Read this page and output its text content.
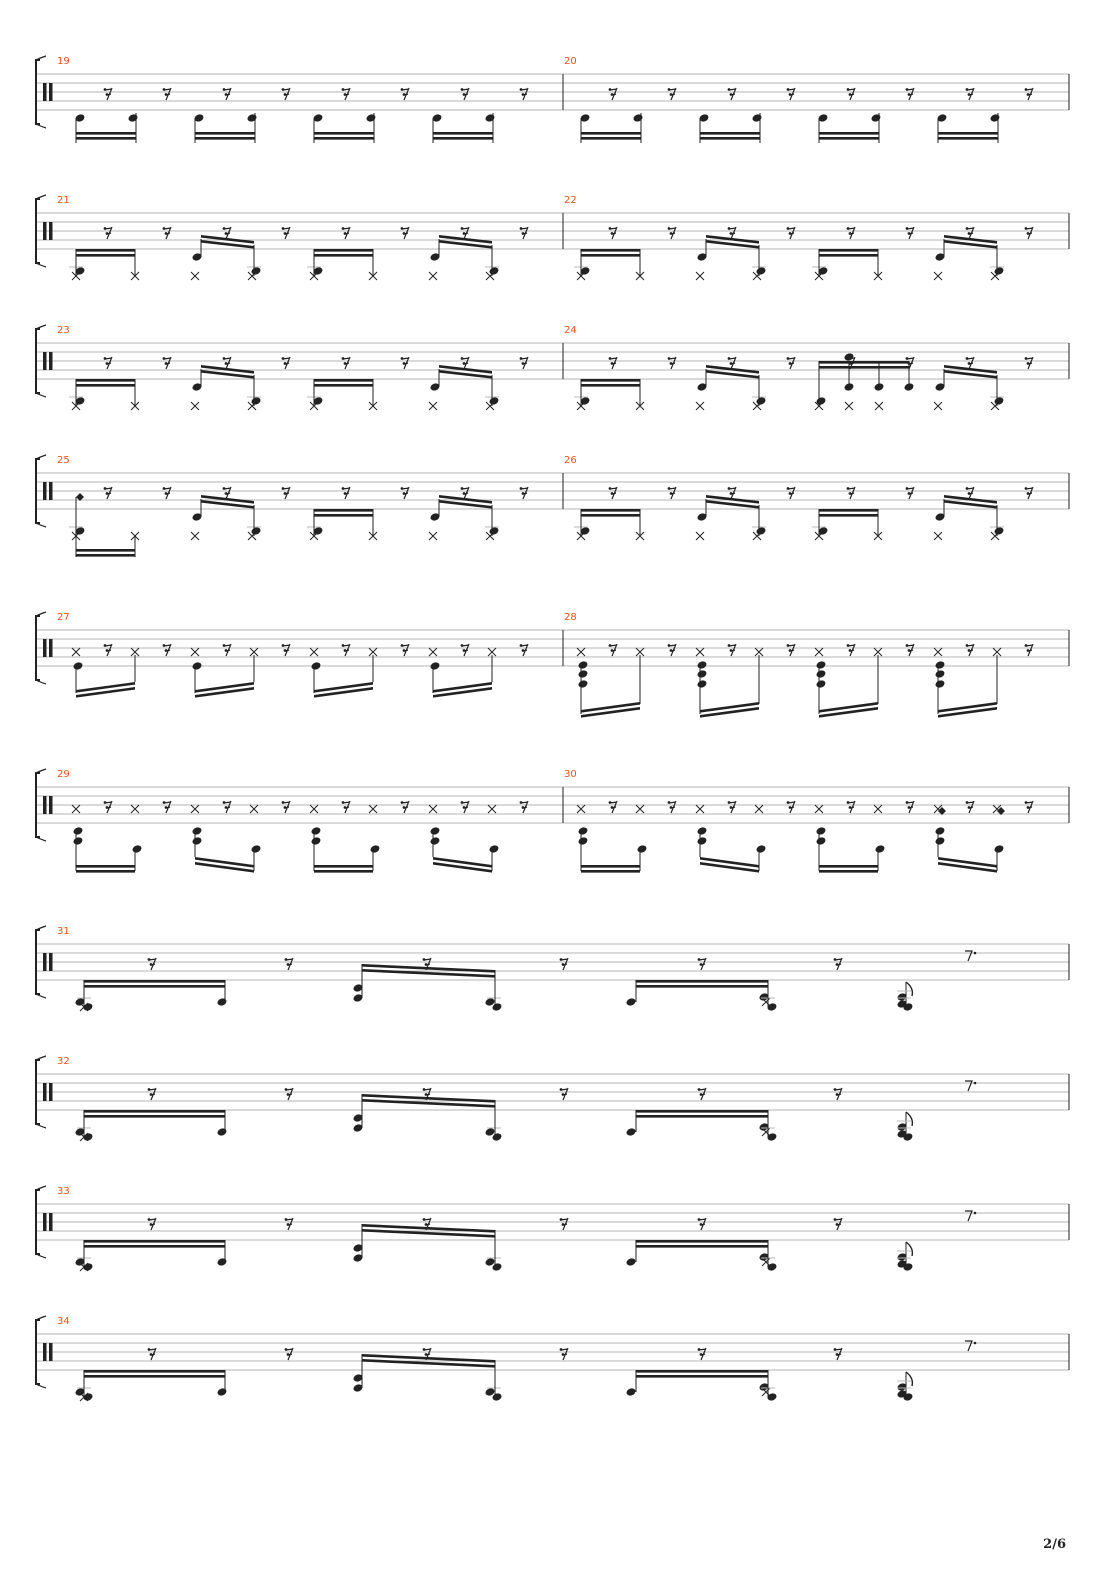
19	20
21	22
23	24
25	26
27	28
29	30
31
32
33
34
2/6
